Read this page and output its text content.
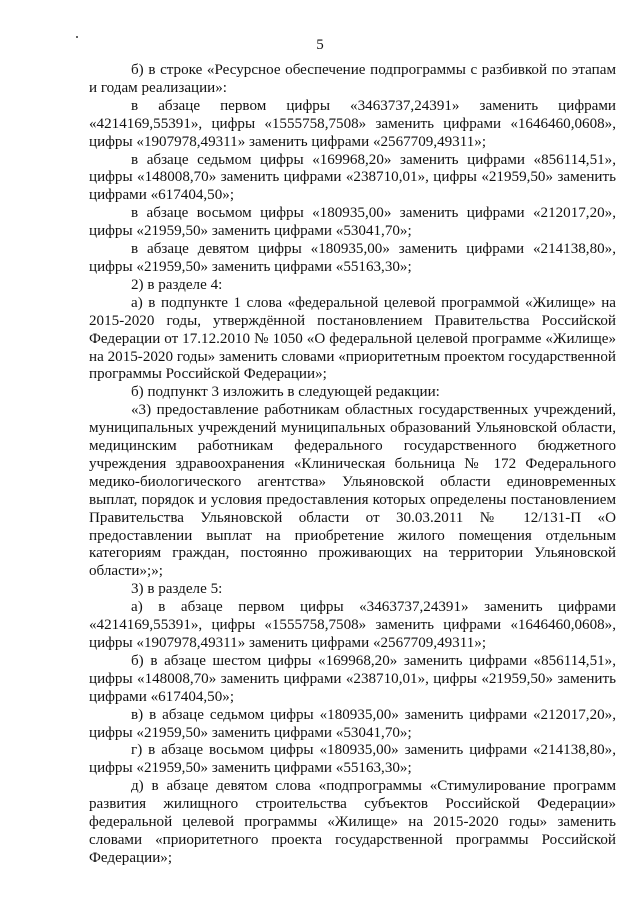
5

б) в строке «Ресурсное обеспечение подпрограммы с разбивкой по этапам и годам реализации»:

в абзаце первом цифры «3463737,24391» заменить цифрами «4214169,55391», цифры «1555758,7508» заменить цифрами «1646460,0608», цифры «1907978,49311» заменить цифрами «2567709,49311»;

в абзаце седьмом цифры «169968,20» заменить цифрами «856114,51», цифры «148008,70» заменить цифрами «238710,01», цифры «21959,50» заменить цифрами «617404,50»;

в абзаце восьмом цифры «180935,00» заменить цифрами «212017,20», цифры «21959,50» заменить цифрами «53041,70»;

в абзаце девятом цифры «180935,00» заменить цифрами «214138,80», цифры «21959,50» заменить цифрами «55163,30»;

2) в разделе 4:

а) в подпункте 1 слова «федеральной целевой программой «Жилище» на 2015-2020 годы, утверждённой постановлением Правительства Российской Федерации от 17.12.2010 № 1050 «О федеральной целевой программе «Жилище» на 2015-2020 годы» заменить словами «приоритетным проектом государственной программы Российской Федерации»;

б) подпункт 3 изложить в следующей редакции:

«3) предоставление работникам областных государственных учреждений, муниципальных учреждений муниципальных образований Ульяновской области, медицинским работникам федерального государственного бюджетного учреждения здравоохранения «Клиническая больница № 172 Федерального медико-биологического агентства» Ульяновской области единовременных выплат, порядок и условия предоставления которых определены постановлением Правительства Ульяновской области от 30.03.2011 № 12/131-П «О предоставлении выплат на приобретение жилого помещения отдельным категориям граждан, постоянно проживающих на территории Ульяновской области»;»;

3) в разделе 5:

а) в абзаце первом цифры «3463737,24391» заменить цифрами «4214169,55391», цифры «1555758,7508» заменить цифрами «1646460,0608», цифры «1907978,49311» заменить цифрами «2567709,49311»;

б) в абзаце шестом цифры «169968,20» заменить цифрами «856114,51», цифры «148008,70» заменить цифрами «238710,01», цифры «21959,50» заменить цифрами «617404,50»;

в) в абзаце седьмом цифры «180935,00» заменить цифрами «212017,20», цифры «21959,50» заменить цифрами «53041,70»;

г) в абзаце восьмом цифры «180935,00» заменить цифрами «214138,80», цифры «21959,50» заменить цифрами «55163,30»;

д) в абзаце девятом слова «подпрограммы «Стимулирование программ развития жилищного строительства субъектов Российской Федерации» федеральной целевой программы «Жилище» на 2015-2020 годы» заменить словами «приоритетного проекта государственной программы Российской Федерации»;
